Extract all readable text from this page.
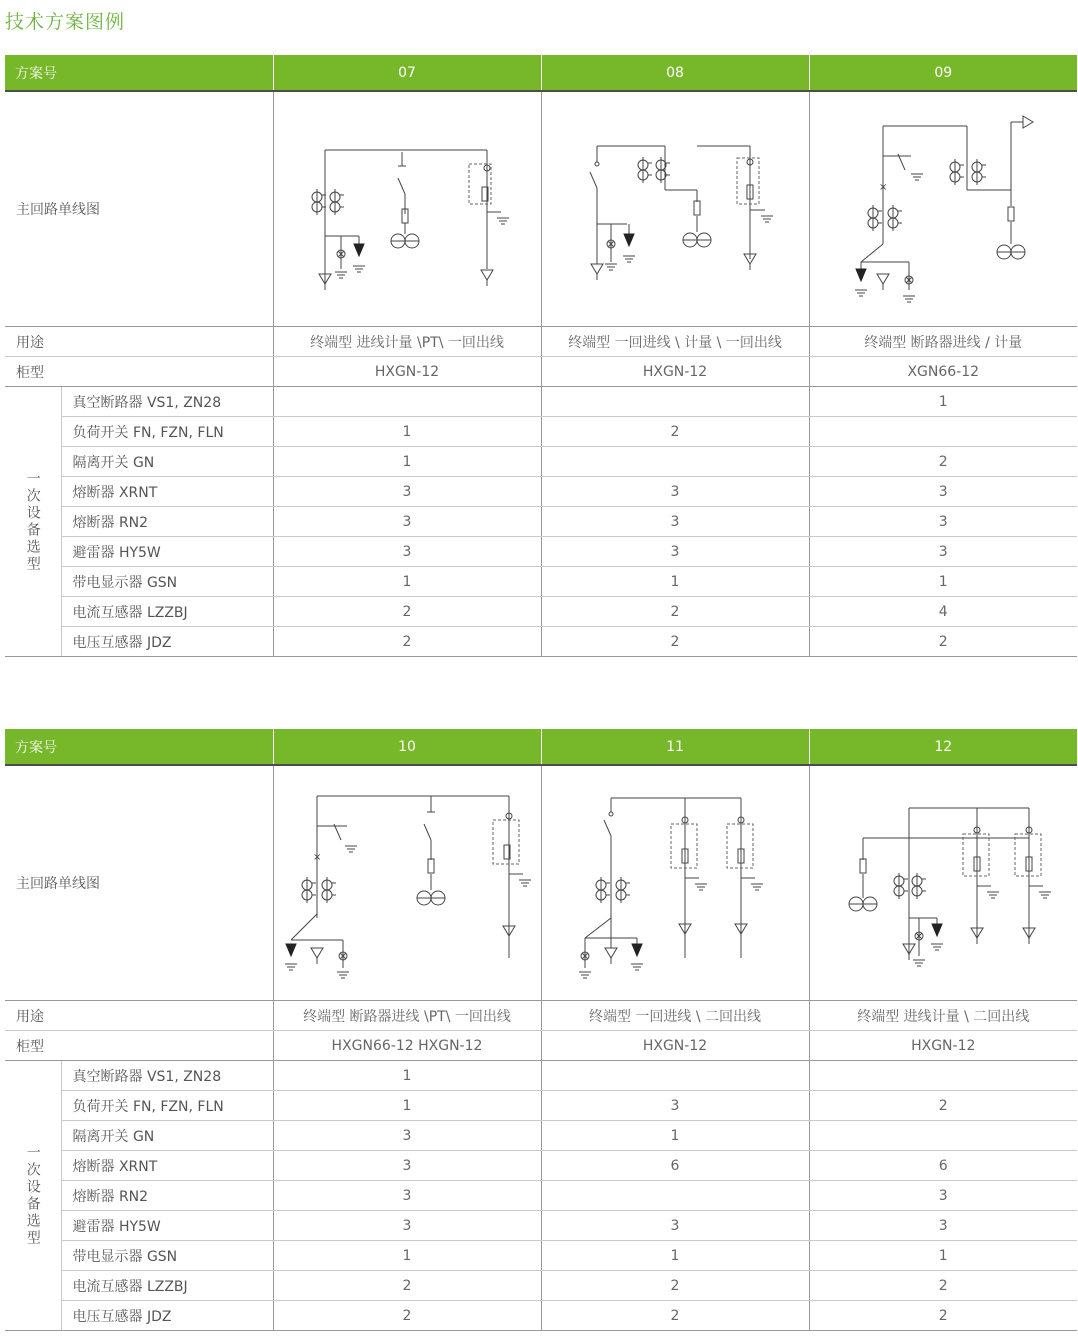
技术方案图例
方案号		07	08	09
主回路单线图				×

用途		终端型 进线计量 \PT\ 一回出线	终端型 一回进线 \ 计量 \ 一回出线	终端型 断路器进线 / 计量
柜型		HXGN-12	HXGN-12	XGN66-12
一次设备选型	真空断路器 VS1, ZN28			1
	负荷开关 FN, FZN, FLN	1	2	
	隔离开关 GN	1		2
	熔断器 XRNT	3	3	3
	熔断器 RN2	3	3	3
	避雷器 HY5W	3	3	3
	带电显示器 GSN	1	1	1
	电流互感器 LZZBJ	2	2	4
	电压互感器 JDZ	2	2	2
方案号		10	11	12
主回路单线图		×

用途		终端型 断路器进线 \PT\ 一回出线	终端型 一回进线 \ 二回出线	终端型 进线计量 \ 二回出线
柜型		HXGN66-12 HXGN-12	HXGN-12	HXGN-12
一次设备选型	真空断路器 VS1, ZN28	1		
	负荷开关 FN, FZN, FLN	1	3	2
	隔离开关 GN	3	1	
	熔断器 XRNT	3	6	6
	熔断器 RN2	3		3
	避雷器 HY5W	3	3	3
	带电显示器 GSN	1	1	1
	电流互感器 LZZBJ	2	2	2
	电压互感器 JDZ	2	2	2
